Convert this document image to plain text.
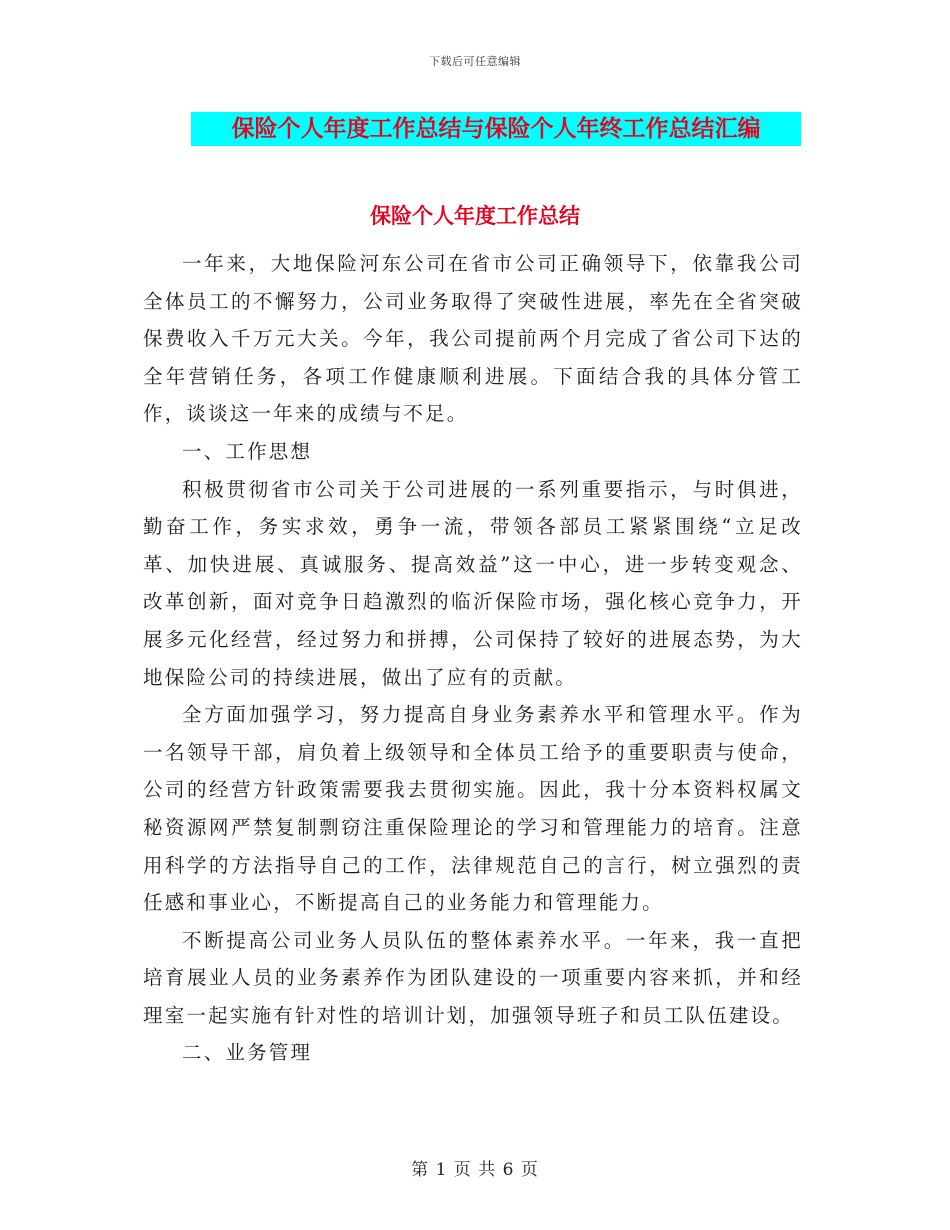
下载后可任意编辑
保险个人年度工作总结与保险个人年终工作总结汇编
保险个人年度工作总结

一年来，大地保险河东公司在省市公司正确领导下，依靠我公司全体员工的不懈努力，公司业务取得了突破性进展，率先在全省突破保费收入千万元大关。今年，我公司提前两个月完成了省公司下达的全年营销任务，各项工作健康顺利进展。下面结合我的具体分管工作，谈谈这一年来的成绩与不足。

一、工作思想

积极贯彻省市公司关于公司进展的一系列重要指示，与时俱进，勤奋工作，务实求效，勇争一流，带领各部员工紧紧围绕“立足改革、加快进展、真诚服务、提高效益”这一中心，进一步转变观念、改革创新，面对竞争日趋激烈的临沂保险市场，强化核心竞争力，开展多元化经营，经过努力和拼搏，公司保持了较好的进展态势，为大地保险公司的持续进展，做出了应有的贡献。

全方面加强学习，努力提高自身业务素养水平和管理水平。作为一名领导干部，肩负着上级领导和全体员工给予的重要职责与使命，公司的经营方针政策需要我去贯彻实施。因此，我十分本资料权属文秘资源网严禁复制剽窃注重保险理论的学习和管理能力的培育。注意用科学的方法指导自己的工作，法律规范自己的言行，树立强烈的责任感和事业心，不断提高自己的业务能力和管理能力。

不断提高公司业务人员队伍的整体素养水平。一年来，我一直把培育展业人员的业务素养作为团队建设的一项重要内容来抓，并和经理室一起实施有针对性的培训计划，加强领导班子和员工队伍建设。

二、业务管理

第 1 页 共 6 页
